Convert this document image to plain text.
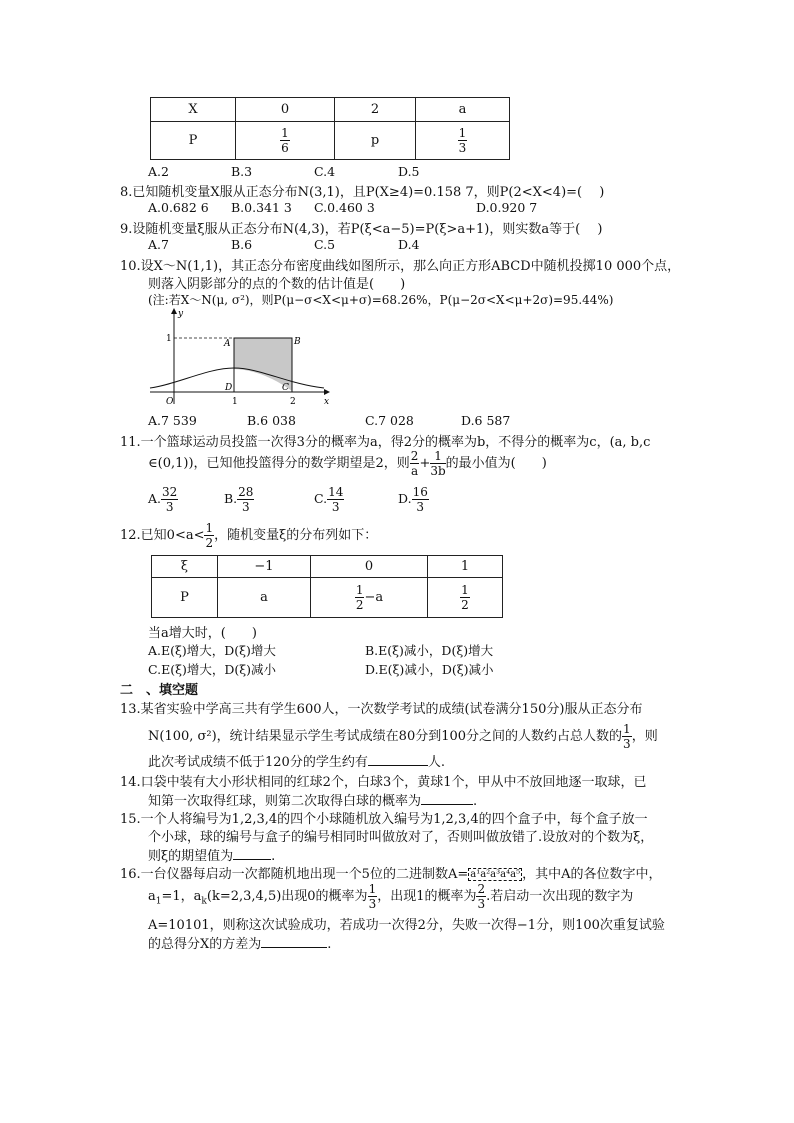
X	0	2	a
P	$\frac{1}{6}$	p	$\frac{1}{3}$
A.2	B.3	C.4	D.5
8.已知随机变量X服从正态分布N(3,1)，且P(X≥4)=0.158 7，则P(2<X<4)=(　 )
A.0.682 6 B.0.341 3 C.0.460 3	D.0.920 7
9.设随机变量ξ服从正态分布N(4,3)，若P(ξ<a−5)=P(ξ>a+1)，则实数a等于(　 )
A.7	B.6	C.5	D.4
10.设X～N(1,1)，其正态分布密度曲线如图所示，那么向正方形ABCD中随机投掷10 000个点，
则落入阴影部分的点的个数的估计值是(　　)
(注:若X～N(μ, σ²)，则P(μ−σ<X<μ+σ)=68.26%，P(μ−2σ<X<μ+2σ)=95.44%)
y
x
O
1
1	2
A	B
C
D
A.7 539	B.6 038	C.7 028	D.6 587
11.一个篮球运动员投篮一次得3分的概率为a，得2分的概率为b，不得分的概率为c，(a, b,c
∈(0,1))，已知他投篮得分的数学期望是2，则 $\frac{2}{a} + \frac{1}{3b}$ 的最小值为(　　)
A. $\frac{32}{3}$	B. $\frac{28}{3}$	C. $\frac{14}{3}$	D. $\frac{16}{3}$
12.已知$0<a< \frac{1}{2}$ ，随机变量ξ的分布列如下：
ξ	−1	0	1
P	a	$\frac{1}{2} -a$	$\frac{1}{2}$
当a增大时，(　　)
A.E(ξ)增大，D(ξ)增大	B.E(ξ)减小，D(ξ)增大
C.E(ξ)增大，D(ξ)减小	D.E(ξ)减小，D(ξ)减小
二　、填空题
13.某省实验中学高三共有学生600人，一次数学考试的成绩(试卷满分150分)服从正态分布
N(100, σ²)，统计结果显示学生考试成绩在80分到100分之间的人数约占总人数的 $\frac{1}{3}$ ，则
此次考试成绩不低于120分的学生约有	人.
14.口袋中装有大小形状相同的红球2个，白球3个，黄球1个，甲从中不放回地逐一取球，已
知第一次取得红球，则第二次取得白球的概率为	.
15.一个人将编号为1,2,3,4的四个小球随机放入编号为1,2,3,4的四个盒子中，每个盒子放一
个小球，球的编号与盒子的编号相同时叫做放对了，否则叫做放错了.设放对的个数为ξ，
则ξ的期望值为	.
16.一台仪器每启动一次都随机地出现一个5位的二进制数A= a¹a²a³a⁴a⁵ ，其中A的各位数字中，
$a_1=1$，$a_k(k=2,3,4,5)$出现0的概率为 $\frac{1}{3}$ ，出现1的概率为 $\frac{2}{3}$ .若启动一次出现的数字为
A=10101，则称这次试验成功，若成功一次得2分，失败一次得−1分，则100次重复试验
的总得分X的方差为	.
